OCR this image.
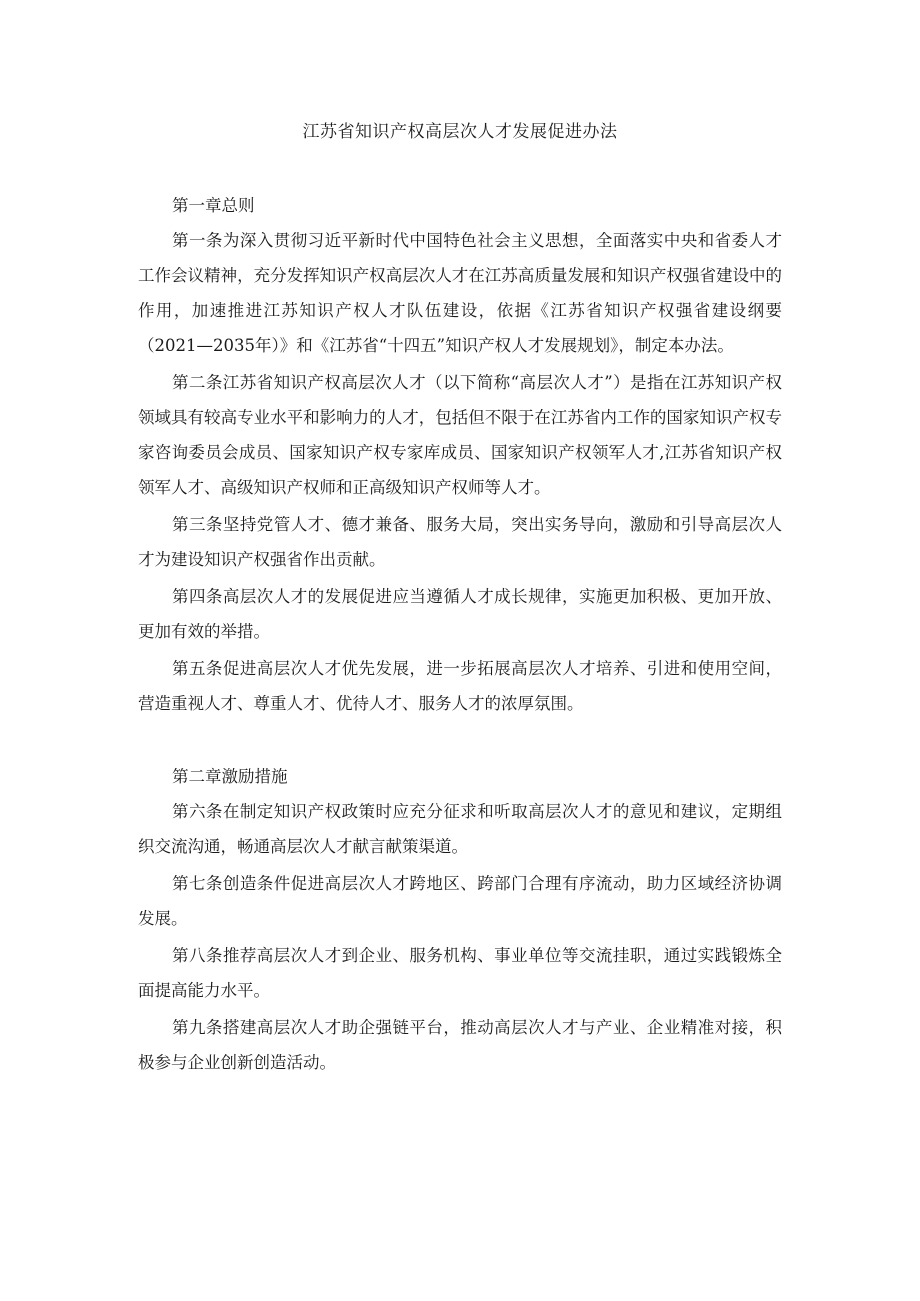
江苏省知识产权高层次人才发展促进办法

第一章总则

第一条为深入贯彻习近平新时代中国特色社会主义思想，全面落实中央和省委人才工作会议精神，充分发挥知识产权高层次人才在江苏高质量发展和知识产权强省建设中的作用，加速推进江苏知识产权人才队伍建设，依据《江苏省知识产权强省建设纲要（2021—2035年）》和《江苏省“十四五”知识产权人才发展规划》，制定本办法。

第二条江苏省知识产权高层次人才（以下简称“高层次人才”）是指在江苏知识产权领域具有较高专业水平和影响力的人才，包括但不限于在江苏省内工作的国家知识产权专家咨询委员会成员、国家知识产权专家库成员、国家知识产权领军人才,江苏省知识产权领军人才、高级知识产权师和正高级知识产权师等人才。

第三条坚持党管人才、德才兼备、服务大局，突出实务导向，激励和引导高层次人才为建设知识产权强省作出贡献。

第四条高层次人才的发展促进应当遵循人才成长规律，实施更加积极、更加开放、更加有效的举措。

第五条促进高层次人才优先发展，进一步拓展高层次人才培养、引进和使用空间，营造重视人才、尊重人才、优待人才、服务人才的浓厚氛围。

第二章激励措施

第六条在制定知识产权政策时应充分征求和听取高层次人才的意见和建议，定期组织交流沟通，畅通高层次人才献言献策渠道。

第七条创造条件促进高层次人才跨地区、跨部门合理有序流动，助力区域经济协调发展。

第八条推荐高层次人才到企业、服务机构、事业单位等交流挂职，通过实践锻炼全面提高能力水平。

第九条搭建高层次人才助企强链平台，推动高层次人才与产业、企业精准对接，积极参与企业创新创造活动。
